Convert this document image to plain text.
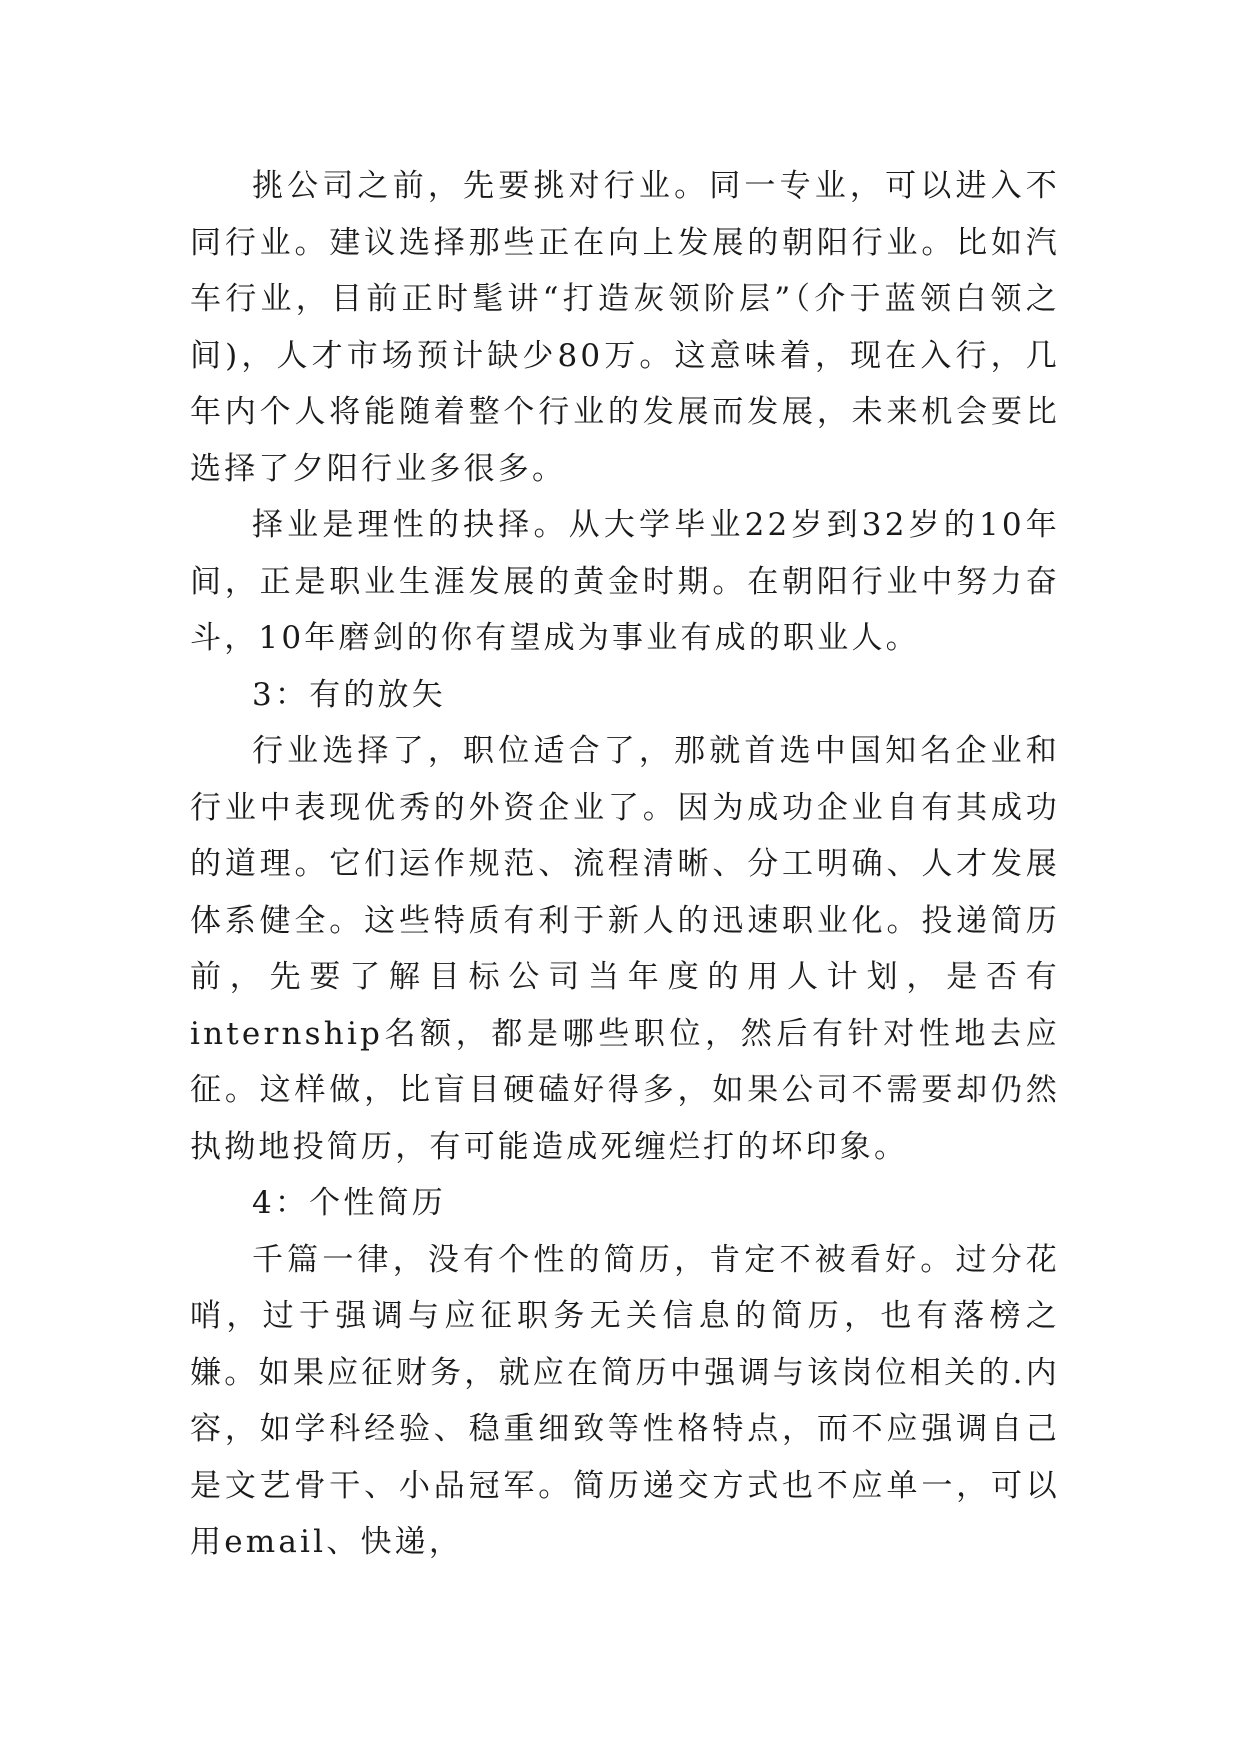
挑公司之前，先要挑对行业。同一专业，可以进入不同行业。建议选择那些正在向上发展的朝阳行业。比如汽车行业，目前正时髦讲“打造灰领阶层”（介于蓝领白领之间)，人才市场预计缺少80万。这意味着，现在入行，几年内个人将能随着整个行业的发展而发展，未来机会要比选择了夕阳行业多很多。

择业是理性的抉择。从大学毕业22岁到32岁的10年间，正是职业生涯发展的黄金时期。在朝阳行业中努力奋斗，10年磨剑的你有望成为事业有成的职业人。

3：有的放矢

行业选择了，职位适合了，那就首选中国知名企业和行业中表现优秀的外资企业了。因为成功企业自有其成功的道理。它们运作规范、流程清晰、分工明确、人才发展体系健全。这些特质有利于新人的迅速职业化。投递简历前，先要了解目标公司当年度的用人计划，是否有internship名额，都是哪些职位，然后有针对性地去应征。这样做，比盲目硬磕好得多，如果公司不需要却仍然执拗地投简历，有可能造成死缠烂打的坏印象。

4：个性简历

千篇一律，没有个性的简历，肯定不被看好。过分花哨，过于强调与应征职务无关信息的简历，也有落榜之嫌。如果应征财务，就应在简历中强调与该岗位相关的.内容，如学科经验、稳重细致等性格特点，而不应强调自己是文艺骨干、小品冠军。简历递交方式也不应单一，可以用email、快递，
